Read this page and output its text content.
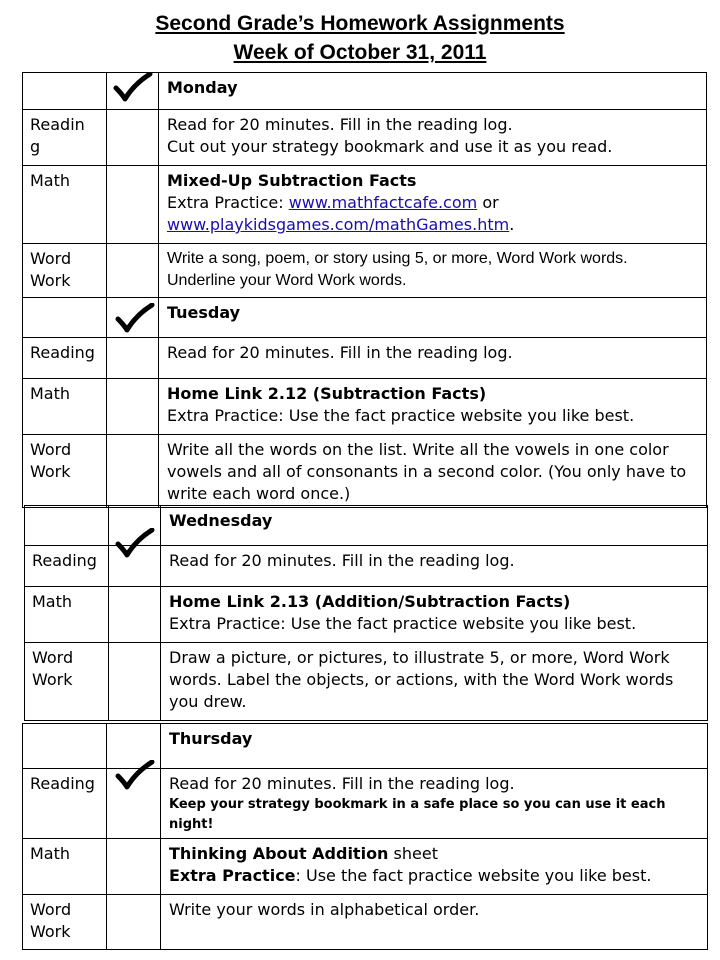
Second Grade’s Homework Assignments
Week of October 31, 2011
		Monday
Readin g		Read for 20 minutes. Fill in the reading log.
Cut out your strategy bookmark and use it as you read.

Math		Mixed-Up Subtraction Facts
Extra Practice: www.mathfactcafe.com or
www.playkidsgames.com/mathGames.htm.

Word Work		Write a song, poem, or story using 5, or more, Word Work words.
Underline your Word Work words.
		Tuesday
Reading		Read for 20 minutes. Fill in the reading log.
Math		Home Link 2.12 (Subtraction Facts)
Extra Practice: Use the fact practice website you like best.

Word Work		Write all the words on the list. Write all the vowels in one color vowels and all of consonants in a second color. (You only have to write each word once.)
		Wednesday
Reading		Read for 20 minutes. Fill in the reading log.
Math		Home Link 2.13 (Addition/Subtraction Facts)
Extra Practice: Use the fact practice website you like best.

Word Work		Draw a picture, or pictures, to illustrate 5, or more, Word Work words. Label the objects, or actions, with the Word Work words you drew.
		Thursday
Reading		Read for 20 minutes. Fill in the reading log.
Keep your strategy bookmark in a safe place so you can use it each night!

Math		Thinking About Addition sheet
Extra Practice: Use the fact practice website you like best.

Word Work		Write your words in alphabetical order.
